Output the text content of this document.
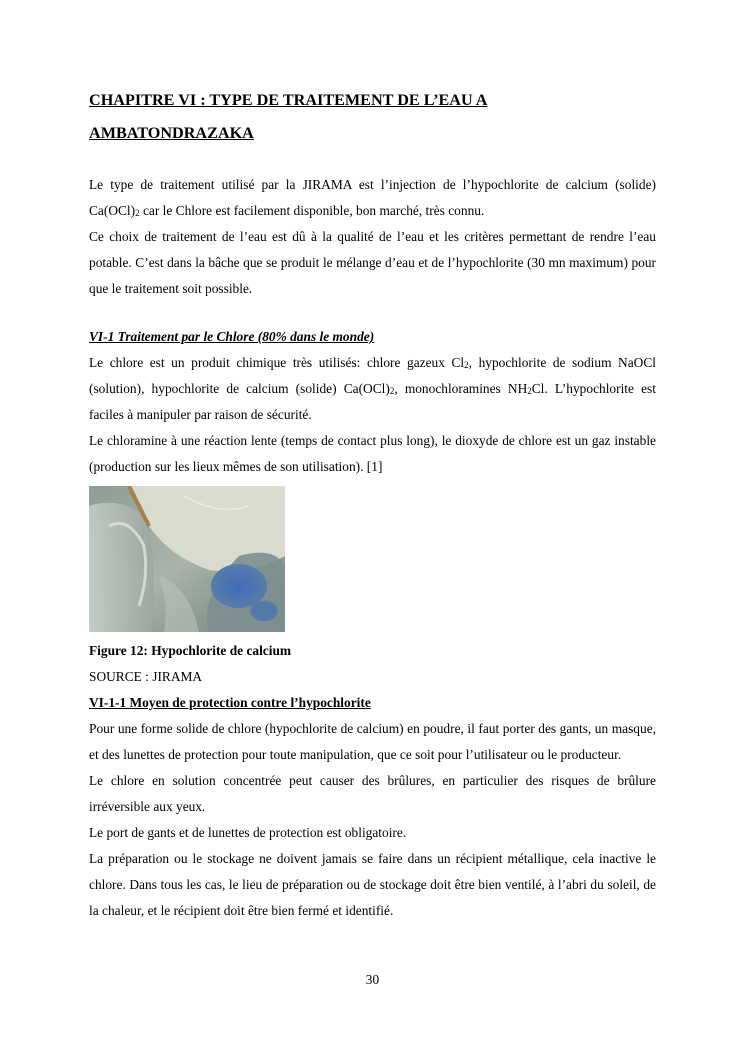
CHAPITRE VI : TYPE DE TRAITEMENT DE L’EAU A
AMBATONDRAZAKA

Le type de traitement utilisé par la JIRAMA est l’injection de l’hypochlorite de calcium (solide) $Ca(OCl)_2$ car le Chlore est facilement disponible, bon marché, très connu.

Ce choix de traitement de l’eau est dû à la qualité de l’eau et les critères permettant de rendre l’eau potable. C’est dans la bâche que se produit le mélange d’eau et de l’hypochlorite (30 mn maximum) pour que le traitement soit possible.

VI-1 Traitement par le Chlore (80% dans le monde)

Le chlore est un produit chimique très utilisés: chlore gazeux $Cl_2$, hypochlorite de sodium NaOCl (solution), hypochlorite de calcium (solide) $Ca(OCl)_2$, monochloramines $NH_2Cl$. L’hypochlorite est faciles à manipuler par raison de sécurité.

Le chloramine à une réaction lente (temps de contact plus long), le dioxyde de chlore est un gaz instable (production sur les lieux mêmes de son utilisation). [1]

Figure 12: Hypochlorite de calcium

SOURCE : JIRAMA

VI-1-1 Moyen de protection contre l’hypochlorite

Pour une forme solide de chlore (hypochlorite de calcium) en poudre, il faut porter des gants, un masque, et des lunettes de protection pour toute manipulation, que ce soit pour l’utilisateur ou le producteur.

Le chlore en solution concentrée peut causer des brûlures, en particulier des risques de brûlure irréversible aux yeux.

Le port de gants et de lunettes de protection est obligatoire.

La préparation ou le stockage ne doivent jamais se faire dans un récipient métallique, cela inactive le chlore. Dans tous les cas, le lieu de préparation ou de stockage doit être bien ventilé, à l’abri du soleil, de la chaleur, et le récipient doit être bien fermé et identifié.

30
